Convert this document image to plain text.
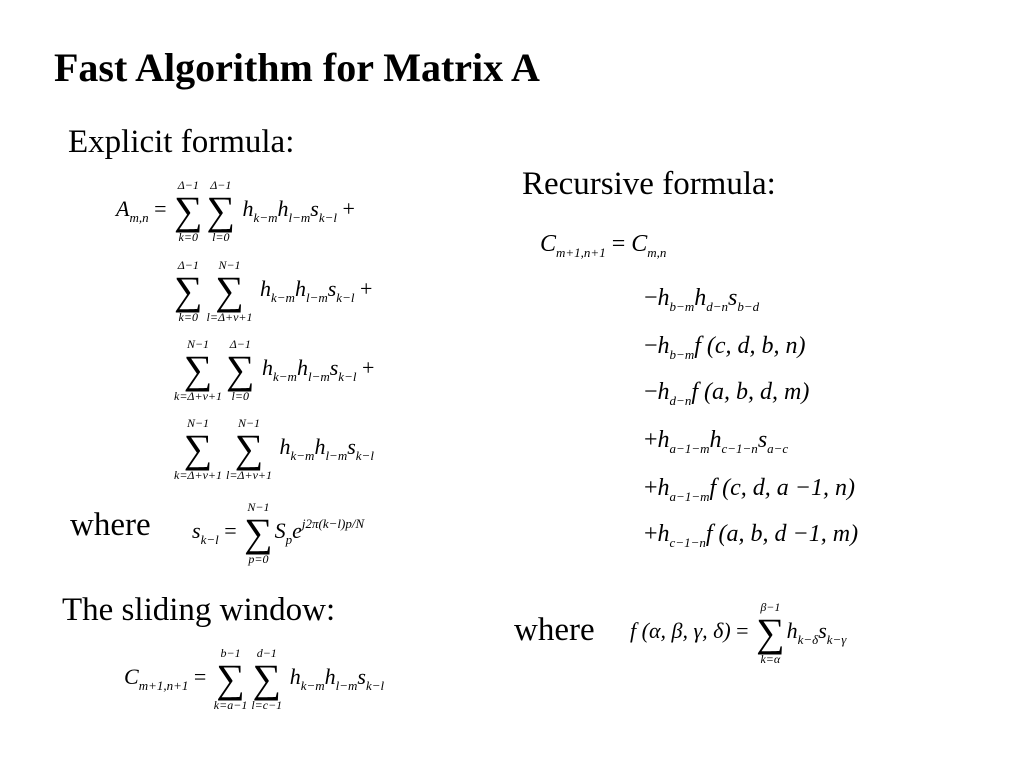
Fast Algorithm for Matrix A
Explicit formula:
$A_{m,n}$ =
Δ−1
∑
k=0
Δ−1
∑
l=0
$h_{k-m}h_{l-m}s_{k-l}$ +
Δ−1
∑
k=0
N−1
∑
l=Δ+ν+1
$h_{k-m}h_{l-m}s_{k-l}$ +
N−1
∑
k=Δ+ν+1
Δ−1
∑
l=0
$h_{k-m}h_{l-m}s_{k-l}$ +
N−1
∑
k=Δ+ν+1
N−1
∑
l=Δ+ν+1
$h_{k-m}h_{l-m}s_{k-l}$
where $s_{k-l}$ =
N−1
∑
p=0
$S_pe^{j2\pi(k-l)p/N}$
The sliding window:
$C_{m+1,n+1}$ =
b−1
∑
k=a−1
d−1
∑
l=c−1
$h_{k-m}h_{l-m}s_{k-l}$
Recursive formula:
$C_{m+1,n+1} = C_{m,n}$
$-h_{b-m}h_{d-n}s_{b-d}$
$-h_{b-m}f$ (c, d, b, n)
$-h_{d-n}f$ (a, b, d, m)
$+h_{a-1-m}h_{c-1-n}s_{a-c}$
$+h_{a-1-m}f$ (c, d, a −1, n)
$+h_{c-1-n}f$ (a, b, d −1, m)
where f (α, β, γ, δ) =
β−1
∑
k=α
$h_{k-\delta}s_{k-\gamma}$
